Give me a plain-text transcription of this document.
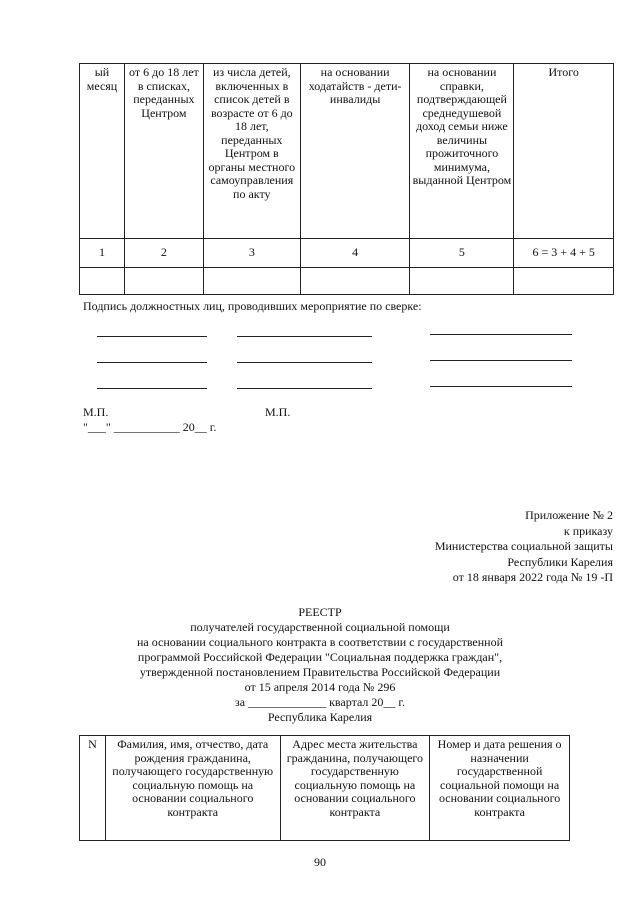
ый месяц	от 6 до 18 лет в списках, переданных Центром	из числа детей, включенных в список детей в возрасте от 6 до 18 лет, переданных Центром в органы местного самоуправления по акту	на основании ходатайств - дети-инвалиды	на основании справки, подтверждающей среднедушевой доход семьи ниже величины прожиточного минимума, выданной Центром	Итого
1	2	3	4	5	6 = 3 + 4 + 5

Подпись должностных лиц, проводивших мероприятие по сверке:
М.П.	М.П.
"___" ___________ 20__ г.
Приложение № 2
к приказу
Министерства социальной защиты
Республики Карелия
от 18 января 2022 года № 19 -П
РЕЕСТР
получателей государственной социальной помощи
на основании социального контракта в соответствии с государственной
программой Российской Федерации "Социальная поддержка граждан",
утвержденной постановлением Правительства Российской Федерации
от 15 апреля 2014 года № 296
за _____________ квартал 20__ г.
Республика Карелия
N	Фамилия, имя, отчество, дата рождения гражданина, получающего государственную социальную помощь на основании социального контракта	Адрес места жительства гражданина, получающего государственную социальную помощь на основании социального контракта	Номер и дата решения о назначении государственной социальной помощи на основании социального контракта
90
